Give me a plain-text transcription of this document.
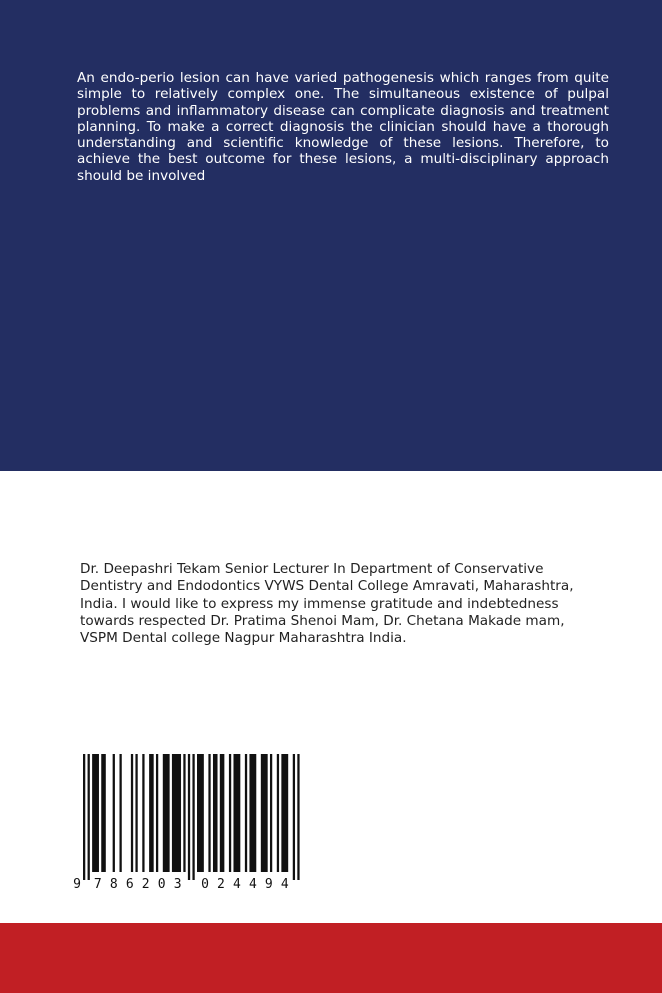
An endo-perio lesion can have varied pathogenesis which ranges from quite simple to relatively complex one. The simultaneous existence of pulpal problems and inflammatory disease can complicate diagnosis and treatment planning. To make a correct diagnosis the clinician should have a thorough understanding and scientific knowledge of these lesions. Therefore, to achieve the best outcome for these lesions, a multi-disciplinary approach should be involved

Dr. Deepashri Tekam Senior Lecturer In Department of Conservative Dentistry and Endodontics VYWS Dental College Amravati, Maharashtra, India. I would like to express my immense gratitude and indebtedness towards respected Dr. Pratima Shenoi Mam, Dr. Chetana Makade mam, VSPM Dental college Nagpur Maharashtra India.

9 7 8 6 2 0 3 0 2 4 4 9 4
